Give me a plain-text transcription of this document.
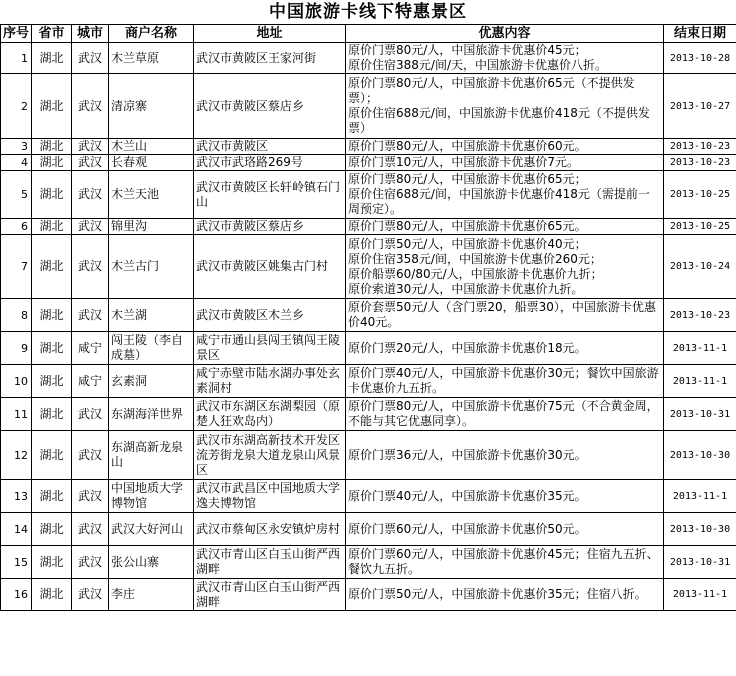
中国旅游卡线下特惠景区
序号	省市	城市	商户名称	地址	优惠内容	结束日期
1	湖北	武汉	木兰草原	武汉市黄陂区王家河街	原价门票80元/人，中国旅游卡优惠价45元；
原价住宿388元/间/天，中国旅游卡优惠价八折。	2013-10-28
2	湖北	武汉	清凉寨	武汉市黄陂区蔡店乡	原价门票80元/人，中国旅游卡优惠价65元（不提供发票）；
原价住宿688元/间，中国旅游卡优惠价418元（不提供发票）	2013-10-27
3	湖北	武汉	木兰山	武汉市黄陂区	原价门票80元/人，中国旅游卡优惠价60元。	2013-10-23
4	湖北	武汉	长春观	武汉市武珞路269号	原价门票10元/人，中国旅游卡优惠价7元。	2013-10-23
5	湖北	武汉	木兰天池	武汉市黄陂区长轩岭镇石门山	原价门票80元/人，中国旅游卡优惠价65元；
原价住宿688元/间，中国旅游卡优惠价418元（需提前一周预定）。	2013-10-25
6	湖北	武汉	锦里沟	武汉市黄陂区蔡店乡	原价门票80元/人，中国旅游卡优惠价65元。	2013-10-25
7	湖北	武汉	木兰古门	武汉市黄陂区姚集古门村	原价门票50元/人，中国旅游卡优惠价40元；
原价住宿358元/间，中国旅游卡优惠价260元；
原价船票60/80元/人，中国旅游卡优惠价九折；
原价索道30元/人，中国旅游卡优惠价九折。	2013-10-24
8	湖北	武汉	木兰湖	武汉市黄陂区木兰乡	原价套票50元/人（含门票20，船票30），中国旅游卡优惠价40元。	2013-10-23
9	湖北	咸宁	闯王陵（李自成墓）	咸宁市通山县闯王镇闯王陵景区	原价门票20元/人，中国旅游卡优惠价18元。	2013-11-1
10	湖北	咸宁	玄素洞	咸宁赤壁市陆水湖办事处玄素洞村	原价门票40元/人，中国旅游卡优惠价30元；餐饮中国旅游卡优惠价九五折。	2013-11-1
11	湖北	武汉	东湖海洋世界	武汉市东湖区东湖梨园（原楚人狂欢岛内）	原价门票80元/人，中国旅游卡优惠价75元（不合黄金周，不能与其它优惠同享）。	2013-10-31
12	湖北	武汉	东湖高新龙泉山	武汉市东湖高新技术开发区流芳街龙泉大道龙泉山风景区	原价门票36元/人，中国旅游卡优惠价30元。	2013-10-30
13	湖北	武汉	中国地质大学博物馆	武汉市武昌区中国地质大学逸夫博物馆	原价门票40元/人，中国旅游卡优惠价35元。	2013-11-1
14	湖北	武汉	武汉大好河山	武汉市蔡甸区永安镇炉房村	原价门票60元/人，中国旅游卡优惠价50元。	2013-10-30
15	湖北	武汉	张公山寨	武汉市青山区白玉山街严西湖畔	原价门票60元/人，中国旅游卡优惠价45元；住宿九五折、餐饮九五折。	2013-10-31
16	湖北	武汉	李庄	武汉市青山区白玉山街严西湖畔	原价门票50元/人，中国旅游卡优惠价35元；住宿八折。	2013-11-1
